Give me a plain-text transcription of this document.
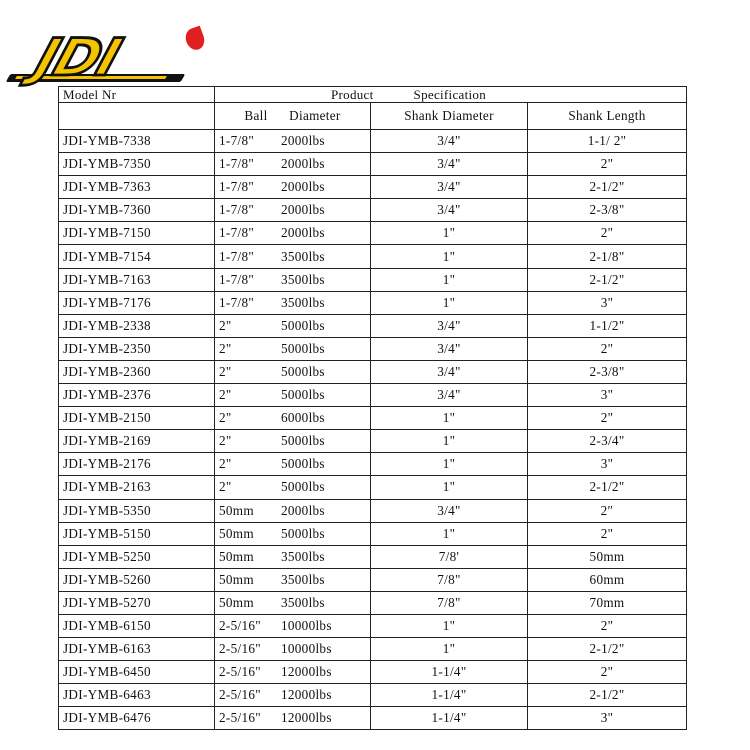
JDI
Model Nr	Product Specification		
	Ball Diameter	Shank Diameter	Shank Length
JDI-YMB-7338	1-7/8" 2000lbs	3/4"	1-1/ 2"
JDI-YMB-7350	1-7/8" 2000lbs	3/4"	2"
JDI-YMB-7363	1-7/8" 2000lbs	3/4"	2-1/2"
JDI-YMB-7360	1-7/8" 2000lbs	3/4"	2-3/8"
JDI-YMB-7150	1-7/8" 2000lbs	1"	2"
JDI-YMB-7154	1-7/8" 3500lbs	1"	2-1/8"
JDI-YMB-7163	1-7/8" 3500lbs	1"	2-1/2"
JDI-YMB-7176	1-7/8" 3500lbs	1"	3"
JDI-YMB-2338	2" 5000lbs	3/4"	1-1/2"
JDI-YMB-2350	2" 5000lbs	3/4"	2"
JDI-YMB-2360	2" 5000lbs	3/4"	2-3/8"
JDI-YMB-2376	2" 5000lbs	3/4"	3"
JDI-YMB-2150	2" 6000lbs	1"	2"
JDI-YMB-2169	2" 5000lbs	1"	2-3/4"
JDI-YMB-2176	2" 5000lbs	1"	3"
JDI-YMB-2163	2" 5000lbs	1"	2-1/2"
JDI-YMB-5350	50mm 2000lbs	3/4"	2″
JDI-YMB-5150	50mm 5000lbs	1"	2"
JDI-YMB-5250	50mm 3500lbs	7/8'	50mm
JDI-YMB-5260	50mm 3500lbs	7/8"	60mm
JDI-YMB-5270	50mm 3500lbs	7/8"	70mm
JDI-YMB-6150	2-5/16" 10000lbs	1"	2"
JDI-YMB-6163	2-5/16" 10000lbs	1"	2-1/2"
JDI-YMB-6450	2-5/16" 12000lbs	1-1/4"	2"
JDI-YMB-6463	2-5/16" 12000lbs	1-1/4"	2-1/2"
JDI-YMB-6476	2-5/16" 12000lbs	1-1/4"	3"
